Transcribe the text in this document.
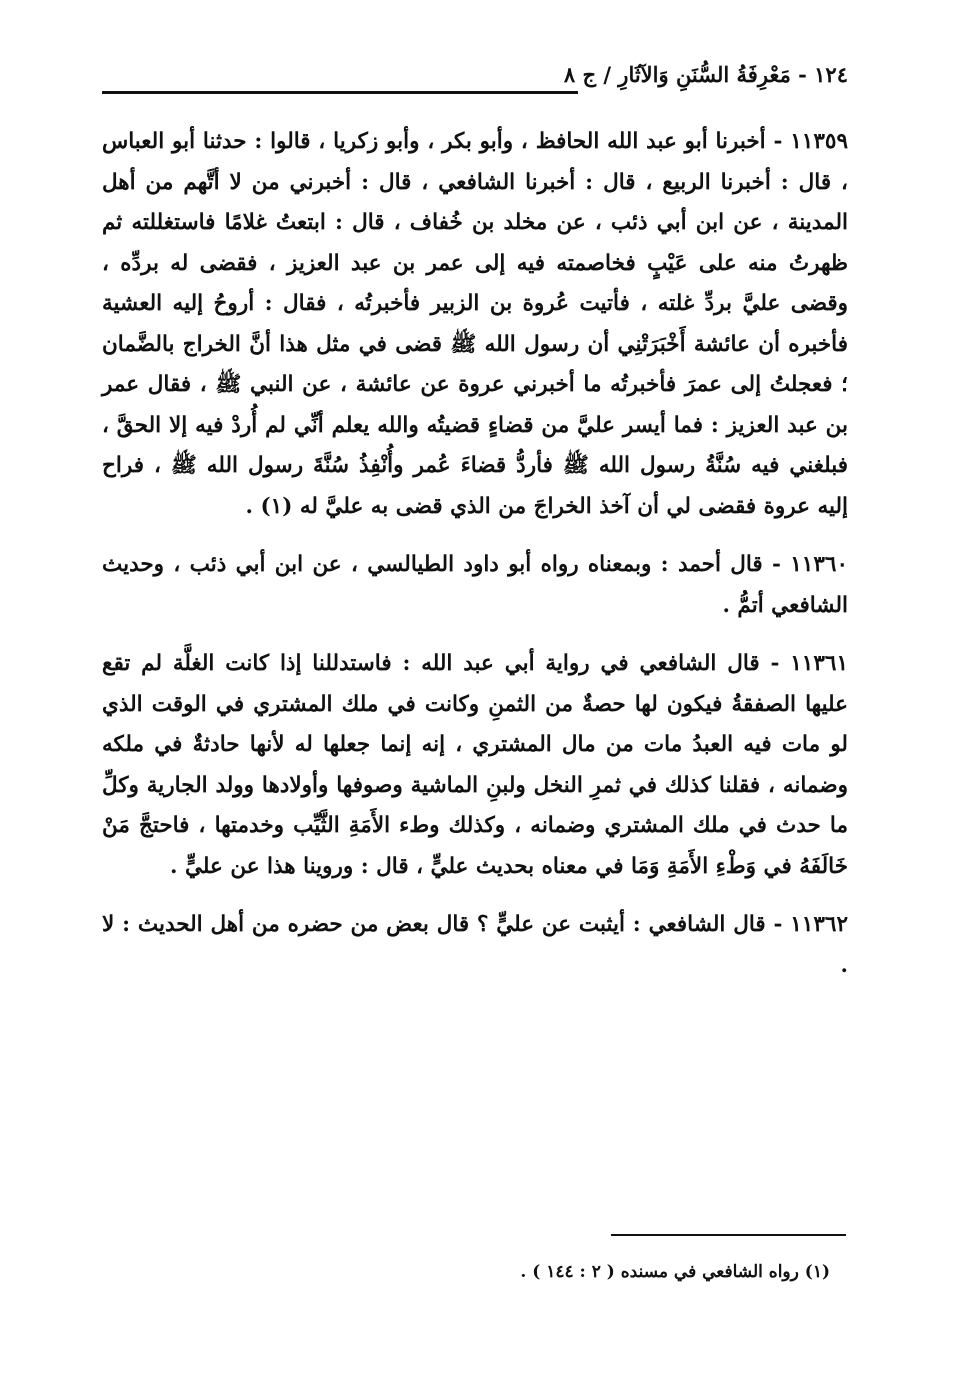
١٢٤ - مَعْرِفَةُ السُّنَنِ وَالآثَارِ / ج ٨

١١٣٥٩ - أخبرنا أبو عبد الله الحافظ ، وأبو بكر ، وأبو زكريا ، قالوا : حدثنا أبو العباس ، قال : أخبرنا الربيع ، قال : أخبرنا الشافعي ، قال : أخبرني من لا أتَّهم من أهل المدينة ، عن ابن أبي ذئب ، عن مخلد بن خُفاف ، قال : ابتعتُ غلامًا فاستغللته ثم ظهرتُ منه على عَيْبٍ فخاصمته فيه إلى عمر بن عبد العزيز ، فقضى له بردِّه ، وقضى عليَّ بردِّ غلته ، فأتيت عُروة بن الزبير فأخبرتُه ، فقال : أروحُ إليه العشية فأخبره أن عائشة أَخْبَرَتْنِي أن رسول الله ﷺ قضى في مثل هذا أنَّ الخراج بالضَّمان ؛ فعجلتُ إلى عمرَ فأخبرتُه ما أخبرني عروة عن عائشة ، عن النبي ﷺ ، فقال عمر بن عبد العزيز : فما أيسر عليَّ من قضاءٍ قضيتُه والله يعلم أنِّي لم أُردْ فيه إلا الحقَّ ، فبلغني فيه سُنَّةُ رسول الله ﷺ فأردُّ قضاءَ عُمر وأُنْفِذُ سُنَّةَ رسول الله ﷺ ، فراح إليه عروة فقضى لي أن آخذ الخراجَ من الذي قضى به عليَّ له (١) .

١١٣٦٠ - قال أحمد : وبمعناه رواه أبو داود الطيالسي ، عن ابن أبي ذئب ، وحديث الشافعي أتمُّ .

١١٣٦١ - قال الشافعي في رواية أبي عبد الله : فاستدللنا إذا كانت الغلَّة لم تقع عليها الصفقةُ فيكون لها حصةٌ من الثمنِ وكانت في ملك المشتري في الوقت الذي لو مات فيه العبدُ مات من مال المشتري ، إنه إنما جعلها له لأنها حادثةٌ في ملكه وضمانه ، فقلنا كذلك في ثمرِ النخل ولبنِ الماشية وصوفها وأولادها وولد الجارية وكلِّ ما حدث في ملك المشتري وضمانه ، وكذلك وطء الأَمَةِ الثَّيِّب وخدمتها ، فاحتجَّ مَنْ خَالَفَهُ في وَطْءِ الأَمَةِ وَمَا في معناه بحديث عليٍّ ، قال : وروينا هذا عن عليٍّ .

١١٣٦٢ - قال الشافعي : أيثبت عن عليٍّ ؟ قال بعض من حضره من أهل الحديث : لا .

(١) رواه الشافعي في مسنده ( ٢ : ١٤٤ ) .
